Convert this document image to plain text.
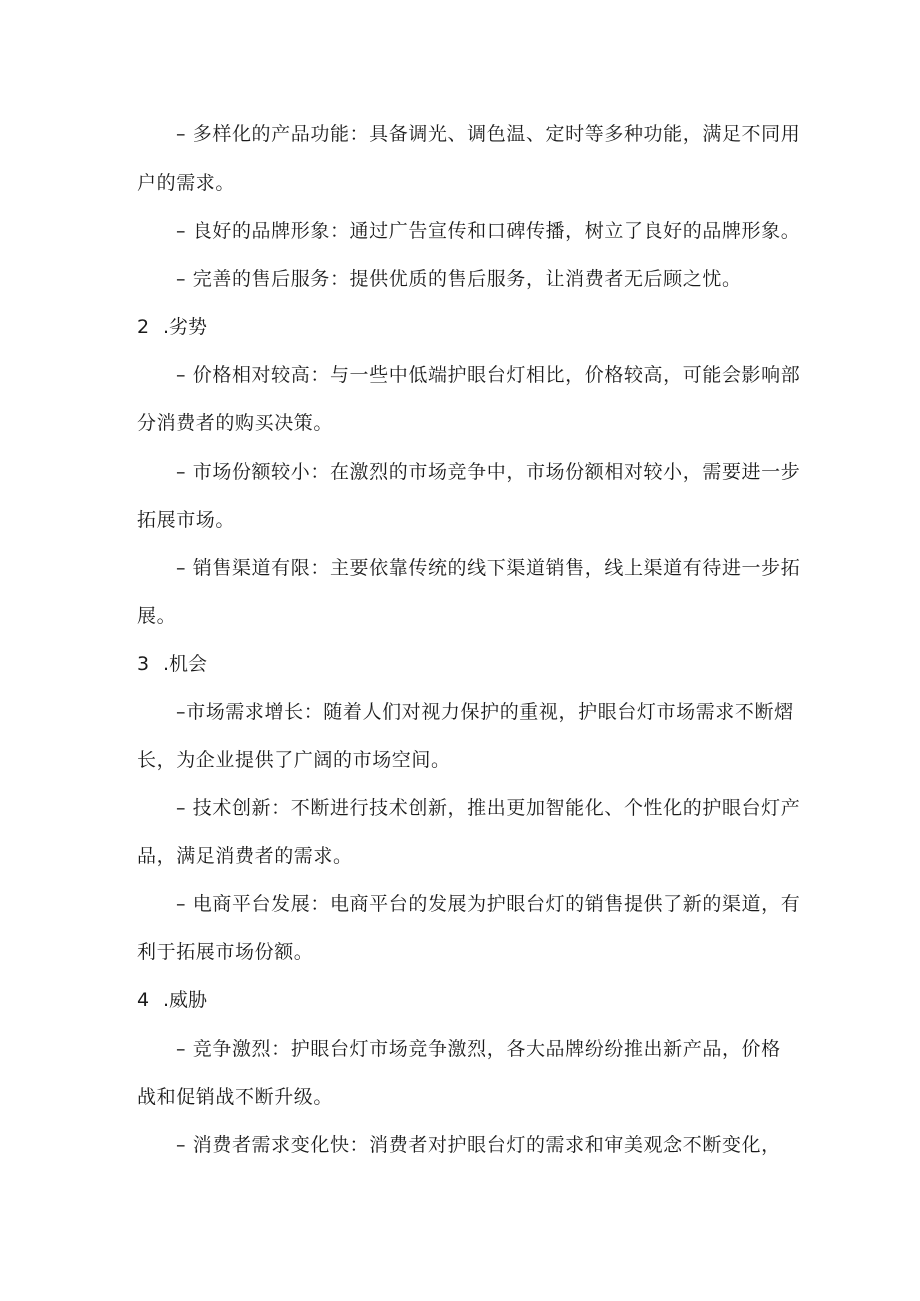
– 多样化的产品功能：具备调光、调色温、定时等多种功能，满足不同用
户的需求。
– 良好的品牌形象：通过广告宣传和口碑传播，树立了良好的品牌形象。
– 完善的售后服务：提供优质的售后服务，让消费者无后顾之忧。
2 .劣势
– 价格相对较高：与一些中低端护眼台灯相比，价格较高，可能会影响部
分消费者的购买决策。
– 市场份额较小：在激烈的市场竞争中，市场份额相对较小，需要进一步
拓展市场。
– 销售渠道有限：主要依靠传统的线下渠道销售，线上渠道有待进一步拓
展。
3 .机会
–市场需求增长：随着人们对视力保护的重视，护眼台灯市场需求不断熠
长，为企业提供了广阔的市场空间。
– 技术创新：不断进行技术创新，推出更加智能化、个性化的护眼台灯产
品，满足消费者的需求。
– 电商平台发展：电商平台的发展为护眼台灯的销售提供了新的渠道，有
利于拓展市场份额。
4 .威胁
– 竞争激烈：护眼台灯市场竞争激烈，各大品牌纷纷推出新产品，价格
战和促销战不断升级。
– 消费者需求变化快：消费者对护眼台灯的需求和审美观念不断变化，
